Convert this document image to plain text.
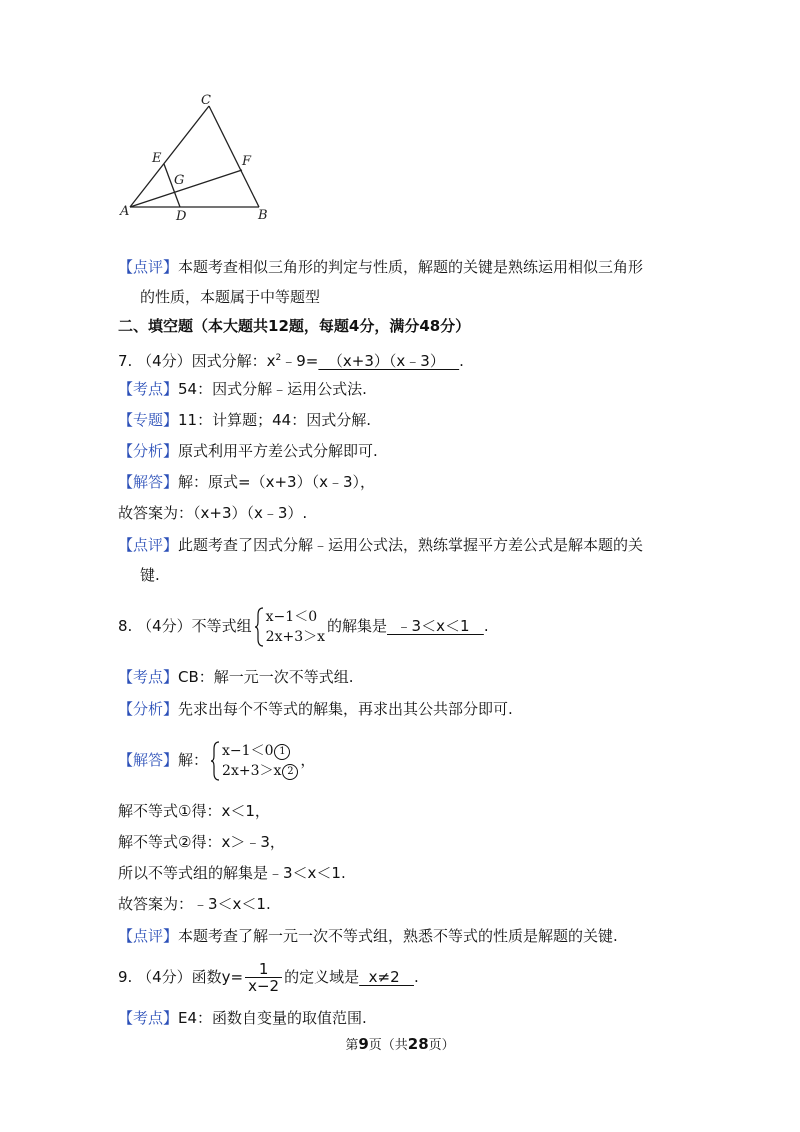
C
E	F
G
A	D	B
【点评】本题考查相似三角形的判定与性质，解题的关键是熟练运用相似三角形
的性质，本题属于中等题型
二、填空题（本大题共12题，每题4分，满分48分）
7. （4分）因式分解：$x^2﹣9=$  （x+3）（x﹣3）   .
【考点】54：因式分解﹣运用公式法.
【专题】11：计算题；44：因式分解.
【分析】原式利用平方差公式分解即可.
【解答】解：原式=（x+3）（x﹣3），
故答案为：（x+3）（x﹣3）.
【点评】此题考查了因式分解﹣运用公式法，熟练掌握平方差公式是解本题的关
键.
8. （4分）不等式组
x−1＜0
2x+3＞x
的解集是  ﹣3＜x＜1   .
【考点】CB：解一元一次不等式组.
【分析】先求出每个不等式的解集，再求出其公共部分即可.
【解答】解：
x−1＜0 1
2x+3＞x 2
，
解不等式①得：x＜1，
解不等式②得：x＞﹣3，
所以不等式组的解集是﹣3＜x＜1.
故答案为：﹣3＜x＜1.
【点评】本题考查了解一元一次不等式组，熟悉不等式的性质是解题的关键.
9. （4分）函数$y= \frac{1}{x-2}$ 的定义域是  x≠2   .
【考点】E4：函数自变量的取值范围.
第9页（共28页）
